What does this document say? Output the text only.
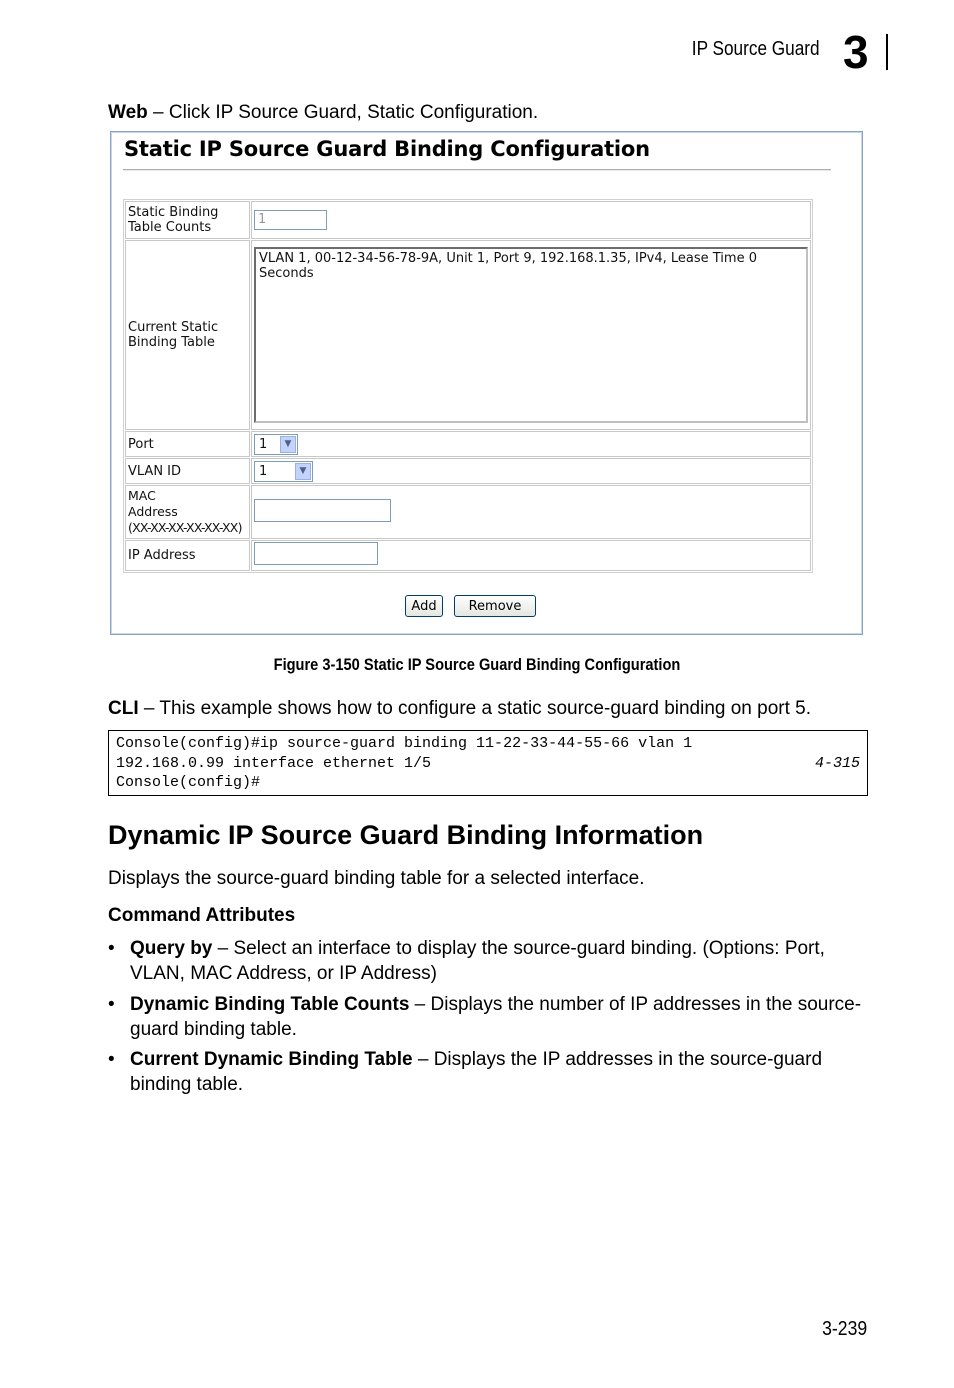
IP Source Guard 3
Web – Click IP Source Guard, Static Configuration.
Static IP Source Guard Binding Configuration
Static Binding Table Counts	1
Current Static Binding Table	VLAN 1, 00-12-34-56-78-9A, Unit 1, Port 9, 192.168.1.35, IPv4, Lease Time 0 Seconds

Port	1 ▼

VLAN ID	1 ▼

MAC
Address
(XX-XX-XX-XX-XX-XX)	

IP Address	
Add	Remove
Figure 3-150 Static IP Source Guard Binding Configuration
CLI – This example shows how to configure a static source-guard binding on port 5.
Console(config)#ip source-guard binding 11-22-33-44-55-66 vlan 1
192.168.0.99 interface ethernet 1/5	4-315
Console(config)#
Dynamic IP Source Guard Binding Information
Displays the source-guard binding table for a selected interface.
Command Attributes
• Query by – Select an interface to display the source-guard binding. (Options: Port, VLAN, MAC Address, or IP Address)
• Dynamic Binding Table Counts – Displays the number of IP addresses in the source-guard binding table.
• Current Dynamic Binding Table – Displays the IP addresses in the source-guard binding table.
3-239
